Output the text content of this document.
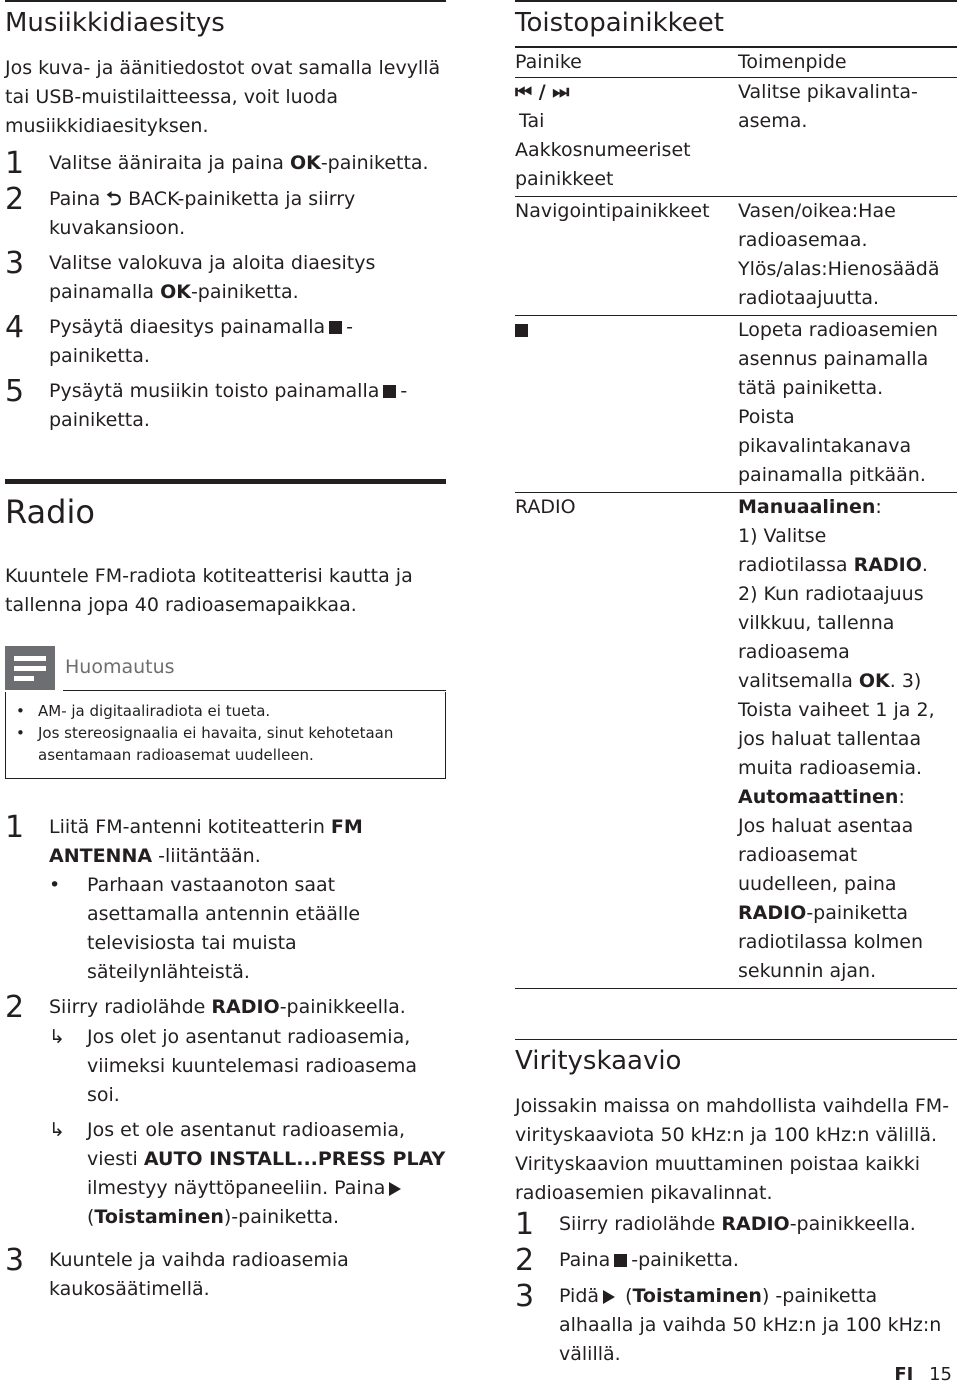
Musiikkidiaesitys

Jos kuva- ja äänitiedostot ovat samalla levyllä tai USB-muistilaitteessa, voit luoda musiikkidiaesityksen.

1	Valitse ääniraita ja paina OK-painiketta.
2	Paina ⮌ BACK-painiketta ja siirry kuvakansioon.
3	Valitse valokuva ja aloita diaesitys painamalla OK-painiketta.
4	Pysäytä diaesitys painamalla -painiketta.
5	Pysäytä musiikin toisto painamalla -painiketta.
Radio

Kuuntele FM-radiota kotiteatterisi kautta ja tallenna jopa 40 radioasemapaikkaa.

Huomautus
• AM- ja digitaaliradiota ei tueta.
• Jos stereosignaalia ei havaita, sinut kehotetaan asentamaan radioasemat uudelleen.
1	Liitä FM-antenni kotiteatterin FM ANTENNA -liitäntään.
•	Parhaan vastaanoton saat asettamalla antennin etäälle televisiosta tai muista säteilynlähteistä.
2	Siirry radiolähde RADIO-painikkeella.
↳	Jos olet jo asentanut radioasemia, viimeksi kuuntelemasi radioasema soi.
↳	Jos et ole asentanut radioasemia, viesti AUTO INSTALL...PRESS PLAY ilmestyy näyttöpaneeliin. Paina
(Toistaminen)-painiketta.
3	Kuuntele ja vaihda radioasemia kaukosäätimellä.
Toistopainikkeet
Painike	Toimenpide

⏮ / ⏭
Tai
Aakkosnumeeriset painikkeet	Valitse pikavalinta-asema.

Navigointipainikkeet	Vasen/oikea:Hae radioasemaa.
Ylös/alas:Hienosäädä radiotaajuutta.

	Lopeta radioasemien asennus painamalla tätä painiketta.
Poista pikavalintakanava painamalla pitkään.

RADIO	Manuaalinen:
1) Valitse radiotilassa RADIO. 2) Kun radiotaajuus vilkkuu, tallenna radioasema valitsemalla OK. 3) Toista vaiheet 1 ja 2, jos haluat tallentaa muita radioasemia.
Automaattinen:
Jos haluat asentaa radioasemat uudelleen, paina RADIO-painiketta radiotilassa kolmen sekunnin ajan.
Virityskaavio

Joissakin maissa on mahdollista vaihdella FM-virityskaaviota 50 kHz:n ja 100 kHz:n välillä. Virityskaavion muuttaminen poistaa kaikki radioasemien pikavalinnat.

1	Siirry radiolähde RADIO-painikkeella.
2	Paina -painiketta.
3	Pidä (Toistaminen) -painiketta alhaalla ja vaihda 50 kHz:n ja 100 kHz:n välillä.
FI 15
